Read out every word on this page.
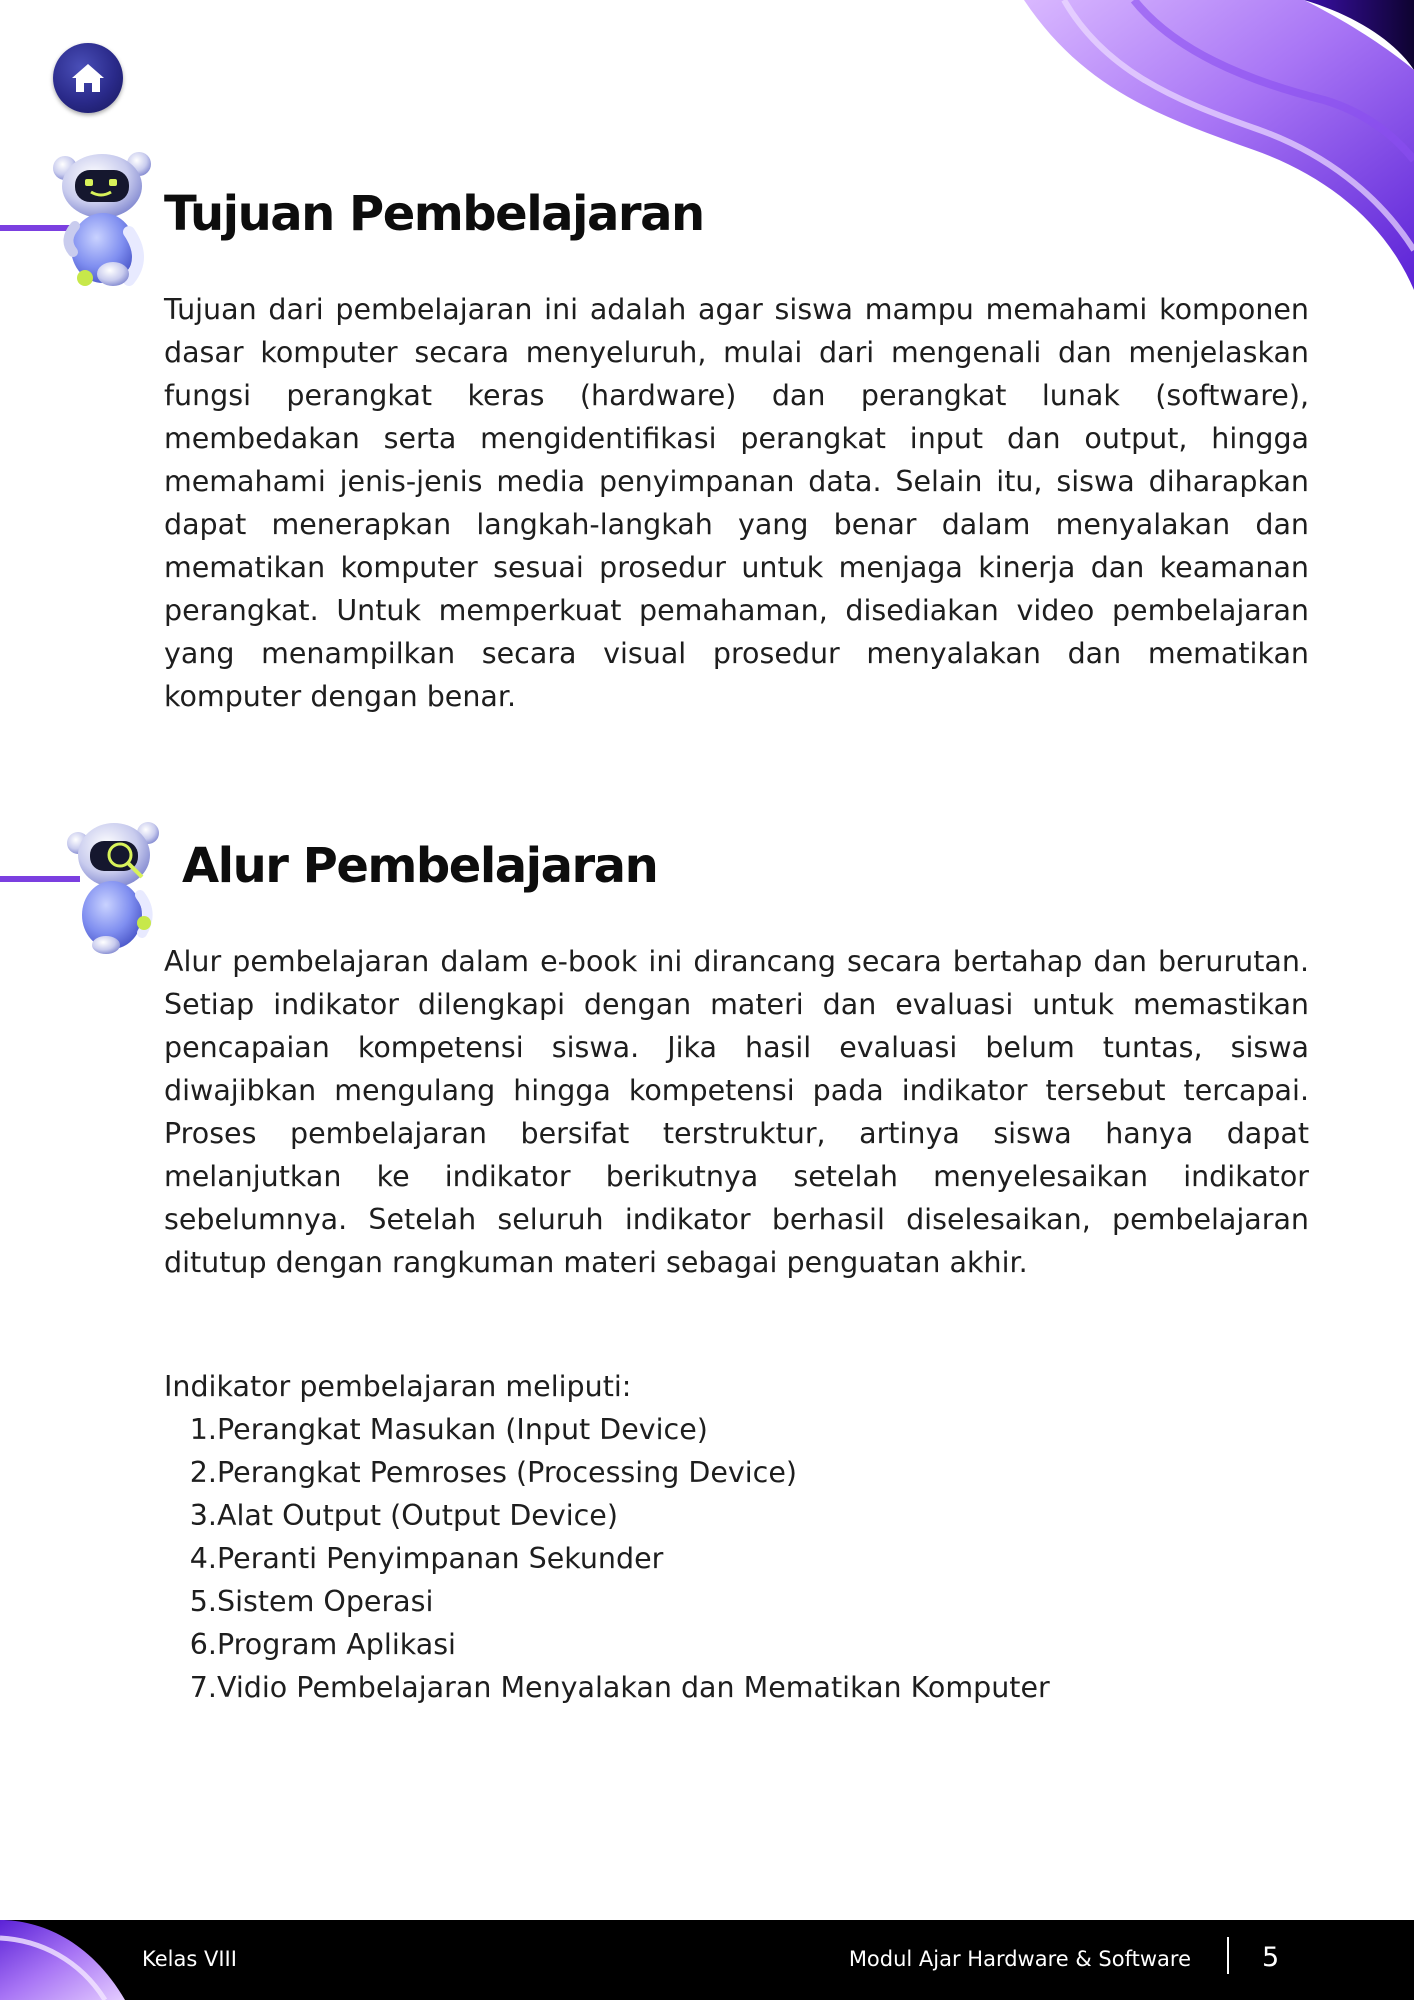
Tujuan Pembelajaran

Tujuan dari pembelajaran ini adalah agar siswa mampu memahami komponen dasar komputer secara menyeluruh, mulai dari mengenali dan menjelaskan fungsi perangkat keras (hardware) dan perangkat lunak (software), membedakan serta mengidentifikasi perangkat input dan output, hingga memahami jenis-jenis media penyimpanan data. Selain itu, siswa diharapkan dapat menerapkan langkah-langkah yang benar dalam menyalakan dan mematikan komputer sesuai prosedur untuk menjaga kinerja dan keamanan perangkat. Untuk memperkuat pemahaman, disediakan video pembelajaran yang menampilkan secara visual prosedur menyalakan dan mematikan komputer dengan benar.

Alur Pembelajaran

Alur pembelajaran dalam e-book ini dirancang secara bertahap dan berurutan. Setiap indikator dilengkapi dengan materi dan evaluasi untuk memastikan pencapaian kompetensi siswa. Jika hasil evaluasi belum tuntas, siswa diwajibkan mengulang hingga kompetensi pada indikator tersebut tercapai. Proses pembelajaran bersifat terstruktur, artinya siswa hanya dapat melanjutkan ke indikator berikutnya setelah menyelesaikan indikator sebelumnya. Setelah seluruh indikator berhasil diselesaikan, pembelajaran ditutup dengan rangkuman materi sebagai penguatan akhir.

Indikator pembelajaran meliputi:
1. Perangkat Masukan (Input Device)
2. Perangkat Pemroses (Processing Device)
3. Alat Output (Output Device)
4. Peranti Penyimpanan Sekunder
5. Sistem Operasi
6. Program Aplikasi
7. Vidio Pembelajaran Menyalakan dan Mematikan Komputer
Kelas VIII	Modul Ajar Hardware & Software	5
